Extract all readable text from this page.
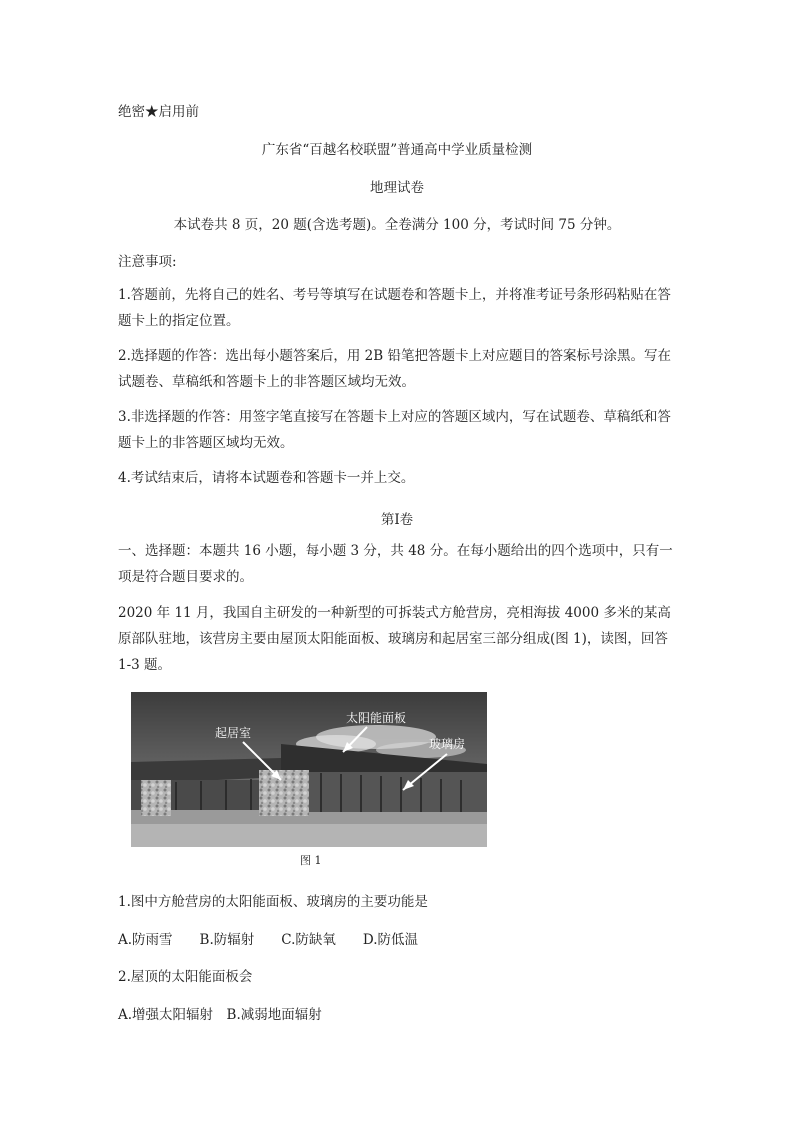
绝密★启用前
广东省“百越名校联盟”普通高中学业质量检测
地理试卷
本试卷共 8 页，20 题(含选考题)。全卷满分 100 分，考试时间 75 分钟。
注意事项:
1.答题前，先将自己的姓名、考号等填写在试题卷和答题卡上，并将准考证号条形码粘贴在答题卡上的指定位置。
2.选择题的作答：选出每小题答案后，用 2B 铅笔把答题卡上对应题目的答案标号涂黑。写在试题卷、草稿纸和答题卡上的非答题区域均无效。
3.非选择题的作答：用签字笔直接写在答题卡上对应的答题区域内，写在试题卷、草稿纸和答题卡上的非答题区域均无效。
4.考试结束后，请将本试题卷和答题卡一并上交。
第Ⅰ卷
一、选择题：本题共 16 小题，每小题 3 分，共 48 分。在每小题给出的四个选项中，只有一项是符合题目要求的。
2020 年 11 月，我国自主研发的一种新型的可拆装式方舱营房，亮相海拔 4000 多米的某高原部队驻地，该营房主要由屋顶太阳能面板、玻璃房和起居室三部分组成(图 1)，读图，回答 1-3 题。
起居室
太阳能面板
玻璃房
图 1
1.图中方舱营房的太阳能面板、玻璃房的主要功能是
A.防雨雪　　B.防辐射　　C.防缺氧　　D.防低温
2.屋顶的太阳能面板会
A.增强太阳辐射　B.减弱地面辐射
